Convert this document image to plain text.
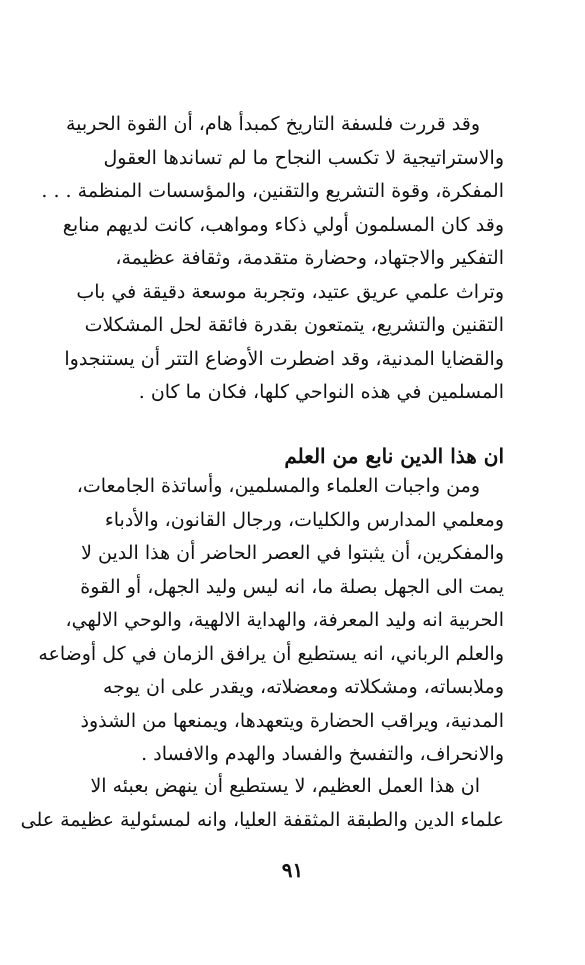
وقد قررت فلسفة التاريخ كمبدأ هام، أن القوة الحربية
والاستراتيجية لا تكسب النجاح ما لم تساندها العقول
المفكرة، وقوة التشريع والتقنين، والمؤسسات المنظمة . . .
وقد كان المسلمون أولي ذكاء ومواهب، كانت لديهم منابع
التفكير والاجتهاد، وحضارة متقدمة، وثقافة عظيمة،
وتراث علمي عريق عتيد، وتجربة موسعة دقيقة في باب
التقنين والتشريع، يتمتعون بقدرة فائقة لحل المشكلات
والقضايا المدنية، وقد اضطرت الأوضاع التتر أن يستنجدوا
المسلمين في هذه النواحي كلها، فكان ما كان .
ان هذا الدين نابع من العلم
ومن واجبات العلماء والمسلمين، وأساتذة الجامعات،
ومعلمي المدارس والكليات، ورجال القانون، والأدباء
والمفكرين، أن يثبتوا في العصر الحاضر أن هذا الدين لا
يمت الى الجهل بصلة ما، انه ليس وليد الجهل، أو القوة
الحربية انه وليد المعرفة، والهداية الالهية، والوحي الالهي،
والعلم الرباني، انه يستطيع أن يرافق الزمان في كل أوضاعه
وملابساته، ومشكلاته ومعضلاته، ويقدر على ان يوجه
المدنية، ويراقب الحضارة ويتعهدها، ويمنعها من الشذوذ
والانحراف، والتفسخ والفساد والهدم والافساد .
ان هذا العمل العظيم، لا يستطيع أن ينهض بعبئه الا
علماء الدين والطبقة المثقفة العليا، وانه لمسئولية عظيمة على
٩١
